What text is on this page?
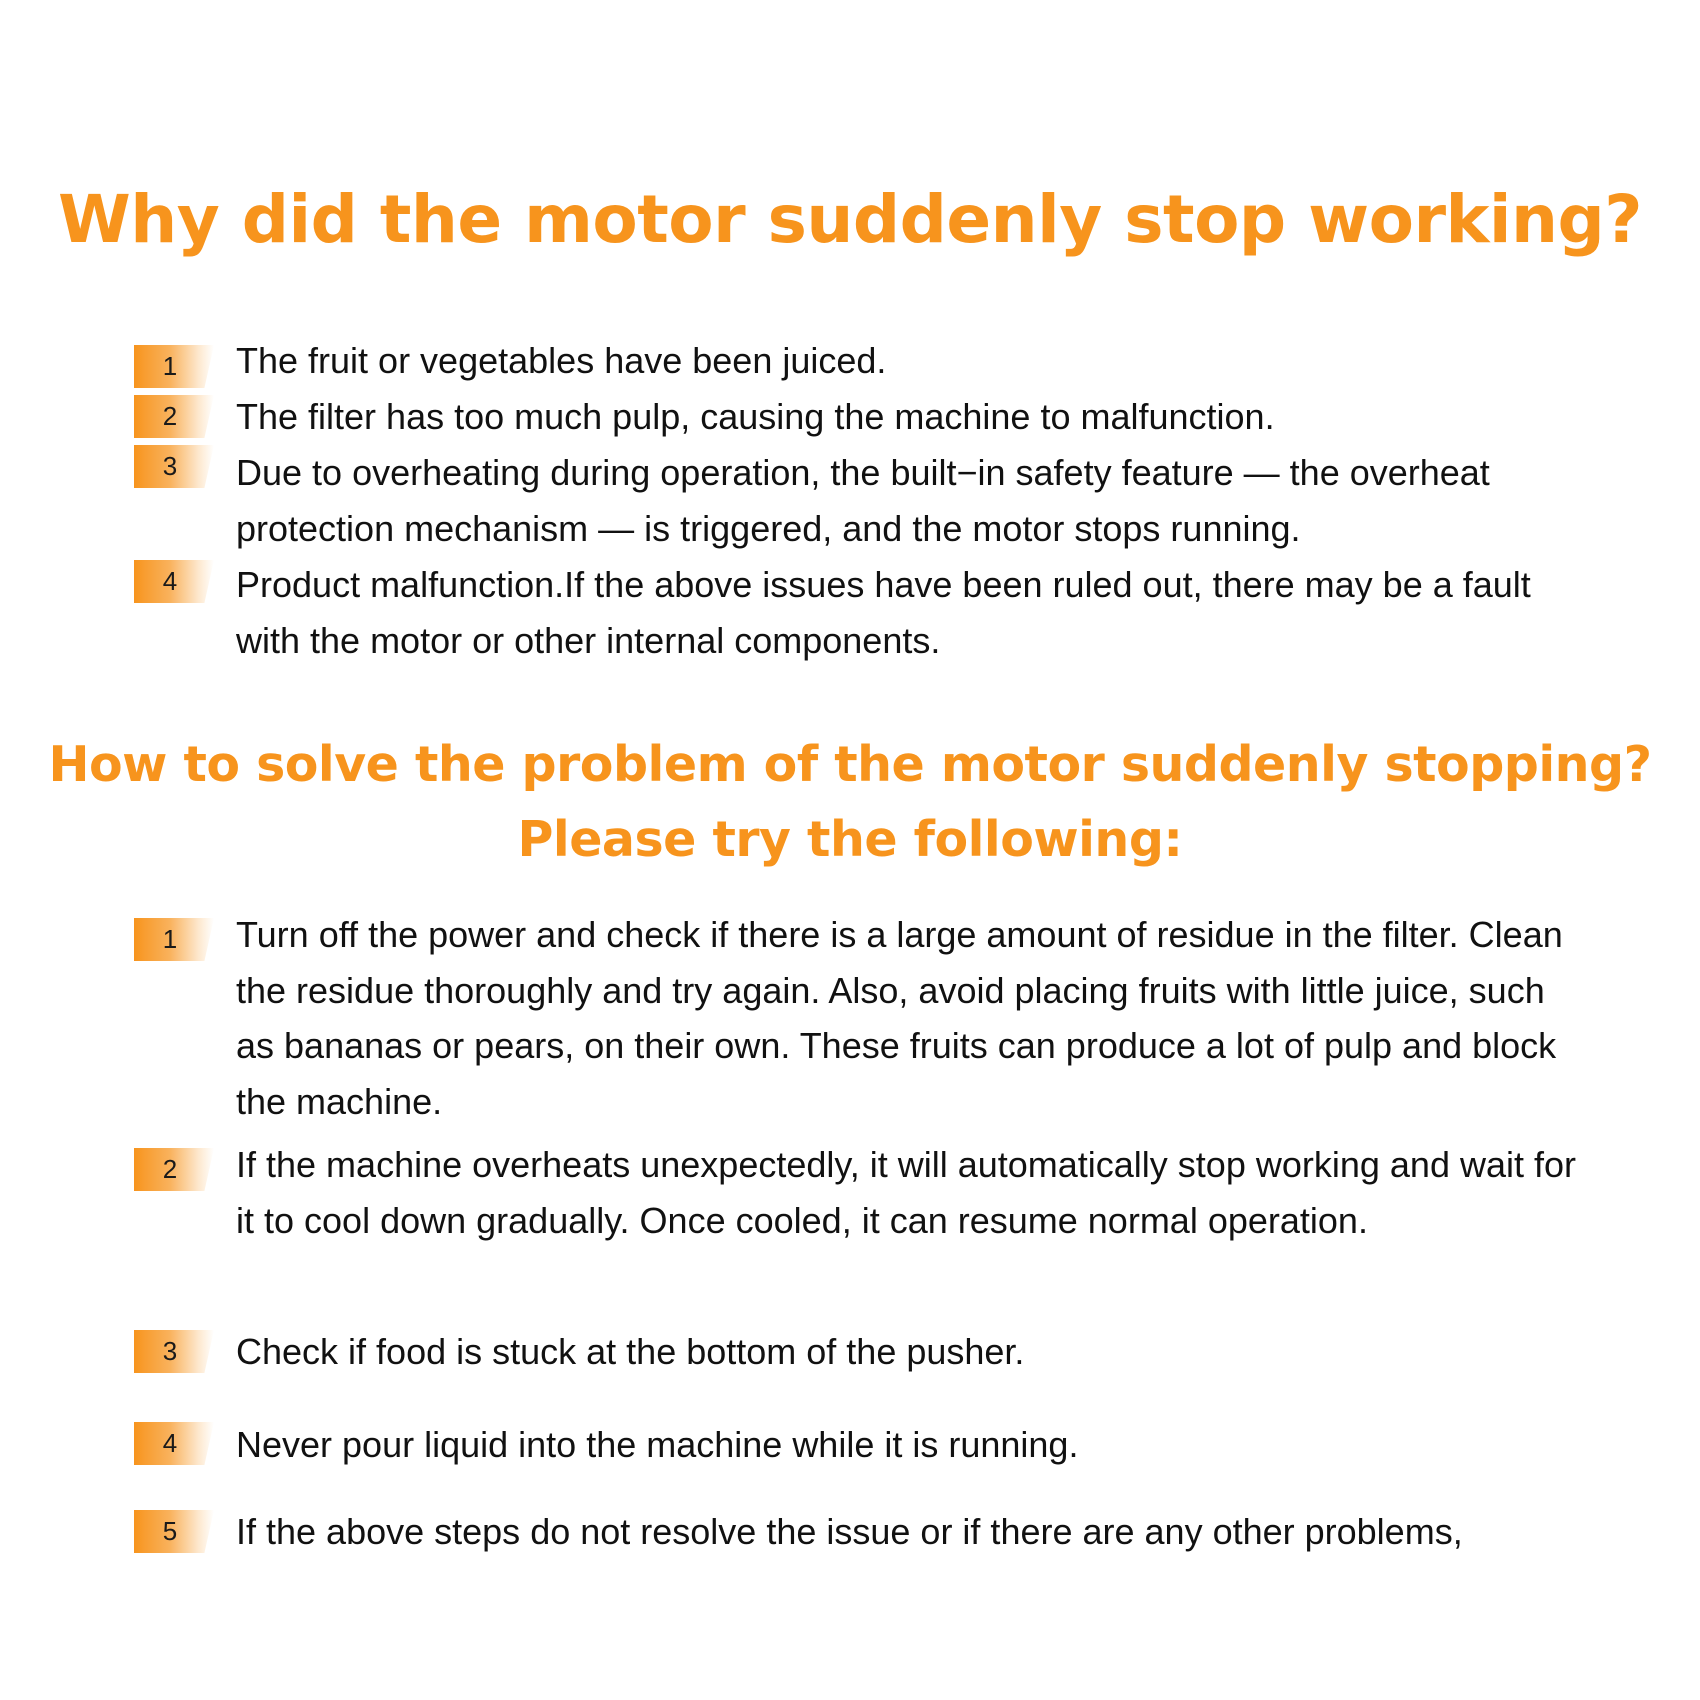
Why did the motor suddenly stop working?
1 The fruit or vegetables have been juiced.
2 The filter has too much pulp, causing the machine to malfunction.
3 Due to overheating during operation, the built−in safety feature — the overheat protection mechanism — is triggered, and the motor stops running.
4 Product malfunction.If the above issues have been ruled out, there may be a fault with the motor or other internal components.
How to solve the problem of the motor suddenly stopping?
Please try the following:
1 Turn off the power and check if there is a large amount of residue in the filter. Clean the residue thoroughly and try again. Also, avoid placing fruits with little juice, such as bananas or pears, on their own. These fruits can produce a lot of pulp and block the machine.
2 If the machine overheats unexpectedly, it will automatically stop working and wait for it to cool down gradually. Once cooled, it can resume normal operation.
3 Check if food is stuck at the bottom of the pusher.
4 Never pour liquid into the machine while it is running.
5 If the above steps do not resolve the issue or if there are any other problems,
